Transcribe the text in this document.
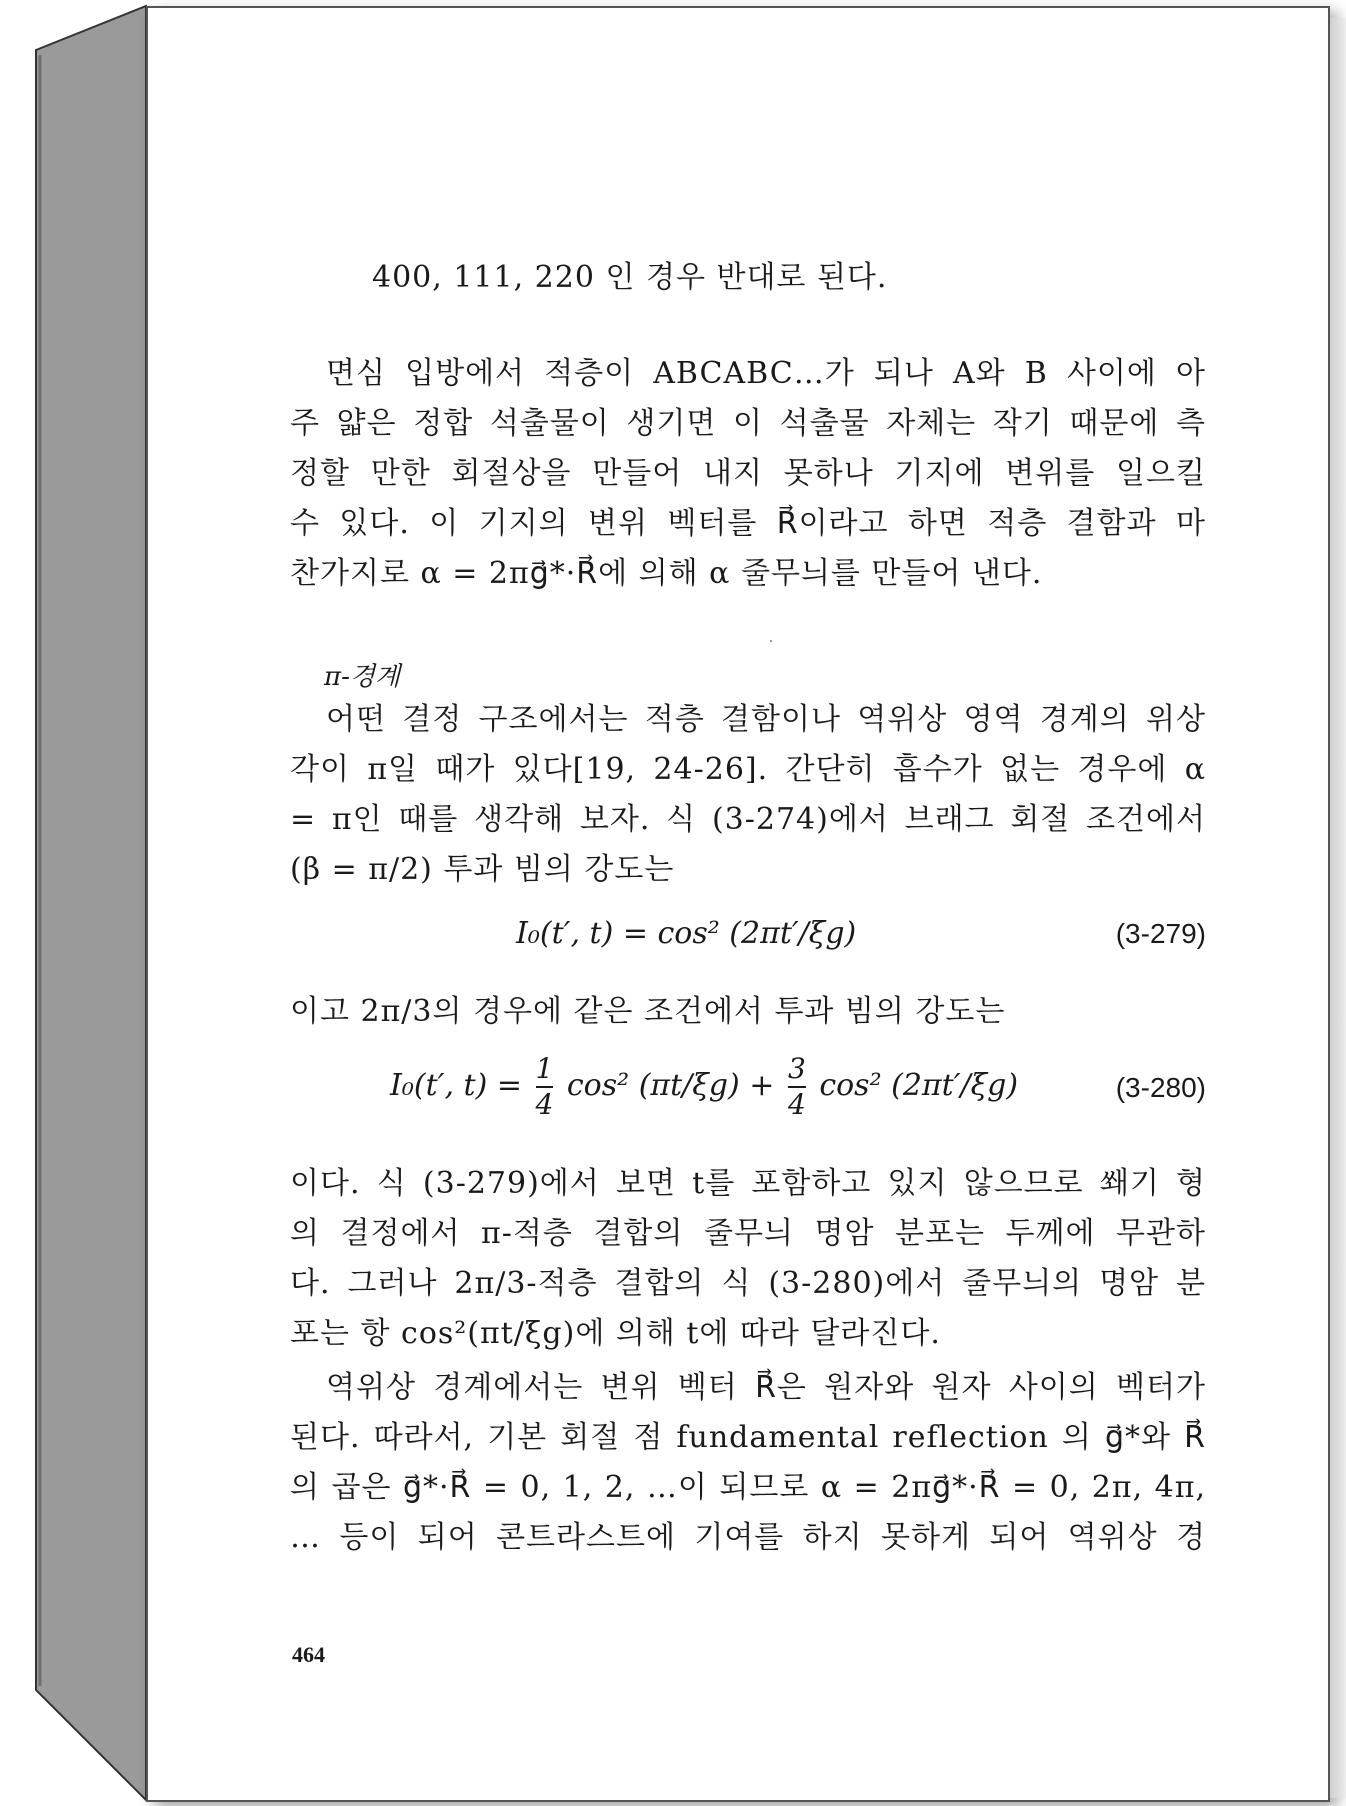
400, 111, 220 인 경우 반대로 된다.
면심 입방에서 적층이 ABCABC…가 되나 A와 B 사이에 아
주 얇은 정합 석출물이 생기면 이 석출물 자체는 작기 때문에 측
정할 만한 회절상을 만들어 내지 못하나 기지에 변위를 일으킬
수 있다. 이 기지의 변위 벡터를 R⃗이라고 하면 적층 결함과 마
찬가지로 α = 2πg⃗*·R⃗에 의해 α 줄무늬를 만들어 낸다.
π-경계
어떤 결정 구조에서는 적층 결함이나 역위상 영역 경계의 위상
각이 π일 때가 있다[19, 24-26]. 간단히 흡수가 없는 경우에 α
= π인 때를 생각해 보자. 식 (3-274)에서 브래그 회절 조건에서
(β = π/2) 투과 빔의 강도는
I₀(t′, t) = cos² (2πt′/ξg)	(3-279)
이고 2π/3의 경우에 같은 조건에서 투과 빔의 강도는
I₀(t′, $t) = \frac{1}{4} \cos^2$ $(\pi t/\xi g) + \frac{3}{4} \cos^2$ (2πt′/ξg)	(3-280)
이다. 식 (3-279)에서 보면 t를 포함하고 있지 않으므로 쐐기 형
의 결정에서 π-적층 결합의 줄무늬 명암 분포는 두께에 무관하
다. 그러나 2π/3-적층 결합의 식 (3-280)에서 줄무늬의 명암 분
포는 항 cos²(πt/ξg)에 의해 t에 따라 달라진다.
역위상 경계에서는 변위 벡터 R⃗은 원자와 원자 사이의 벡터가
된다. 따라서, 기본 회절 점 fundamental reflection 의 g⃗*와 R⃗
의 곱은 g⃗*·R⃗ = 0, 1, 2, …이 되므로 α = 2πg⃗*·R⃗ = 0, 2π, 4π,
… 등이 되어 콘트라스트에 기여를 하지 못하게 되어 역위상 경
464
